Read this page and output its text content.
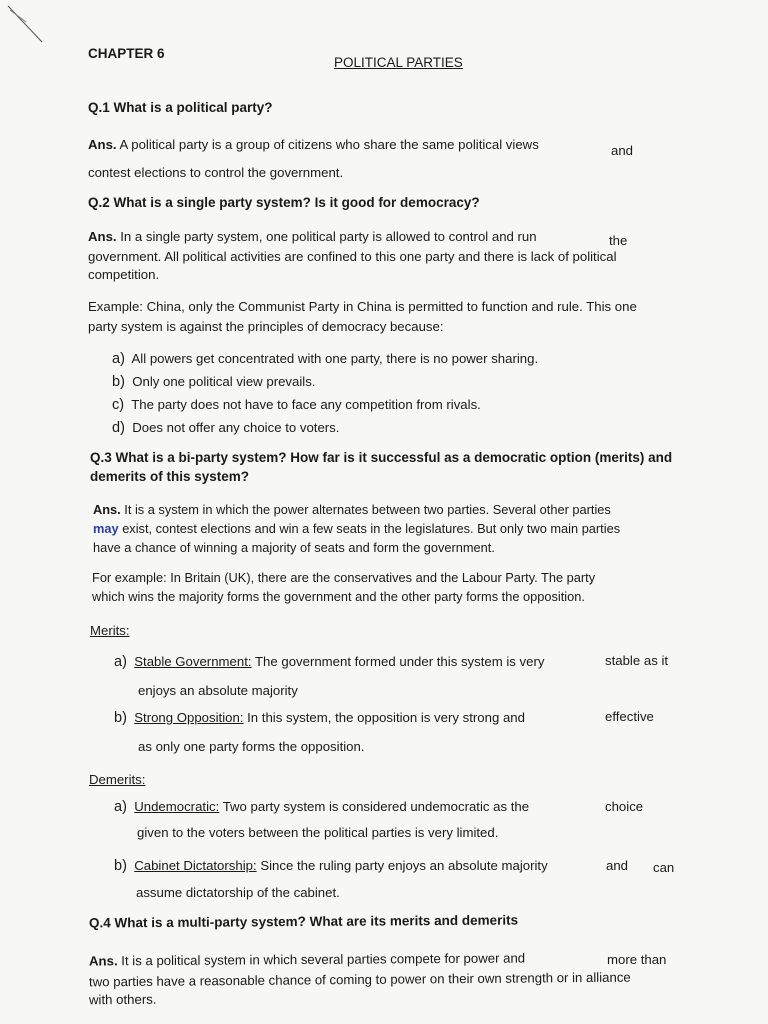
CHAPTER 6
POLITICAL PARTIES
Q.1 What is a political party?
Ans. A political party is a group of citizens who share the same political views	and
contest elections to control the government.
Q.2 What is a single party system? Is it good for democracy?
Ans. In a single party system, one political party is allowed to control and run	the
government. All political activities are confined to this one party and there is lack of political
competition.
Example: China, only the Communist Party in China is permitted to function and rule. This one
party system is against the principles of democracy because:
a) All powers get concentrated with one party, there is no power sharing.
b) Only one political view prevails.
c) The party does not have to face any competition from rivals.
d) Does not offer any choice to voters.
Q.3 What is a bi-party system? How far is it successful as a democratic option (merits) and
demerits of this system?
Ans. It is a system in which the power alternates between two parties. Several other parties
may exist, contest elections and win a few seats in the legislatures. But only two main parties
have a chance of winning a majority of seats and form the government.
For example: In Britain (UK), there are the conservatives and the Labour Party. The party
which wins the majority forms the government and the other party forms the opposition.
Merits:
a) Stable Government: The government formed under this system is very	stable as it
enjoys an absolute majority
b) Strong Opposition: In this system, the opposition is very strong and	effective
as only one party forms the opposition.
Demerits:
a) Undemocratic: Two party system is considered undemocratic as the	choice
given to the voters between the political parties is very limited.
b) Cabinet Dictatorship: Since the ruling party enjoys an absolute majority	and can
assume dictatorship of the cabinet.
Q.4 What is a multi-party system? What are its merits and demerits
Ans. It is a political system in which several parties compete for power and	more than
two parties have a reasonable chance of coming to power on their own strength or in alliance
with others.
